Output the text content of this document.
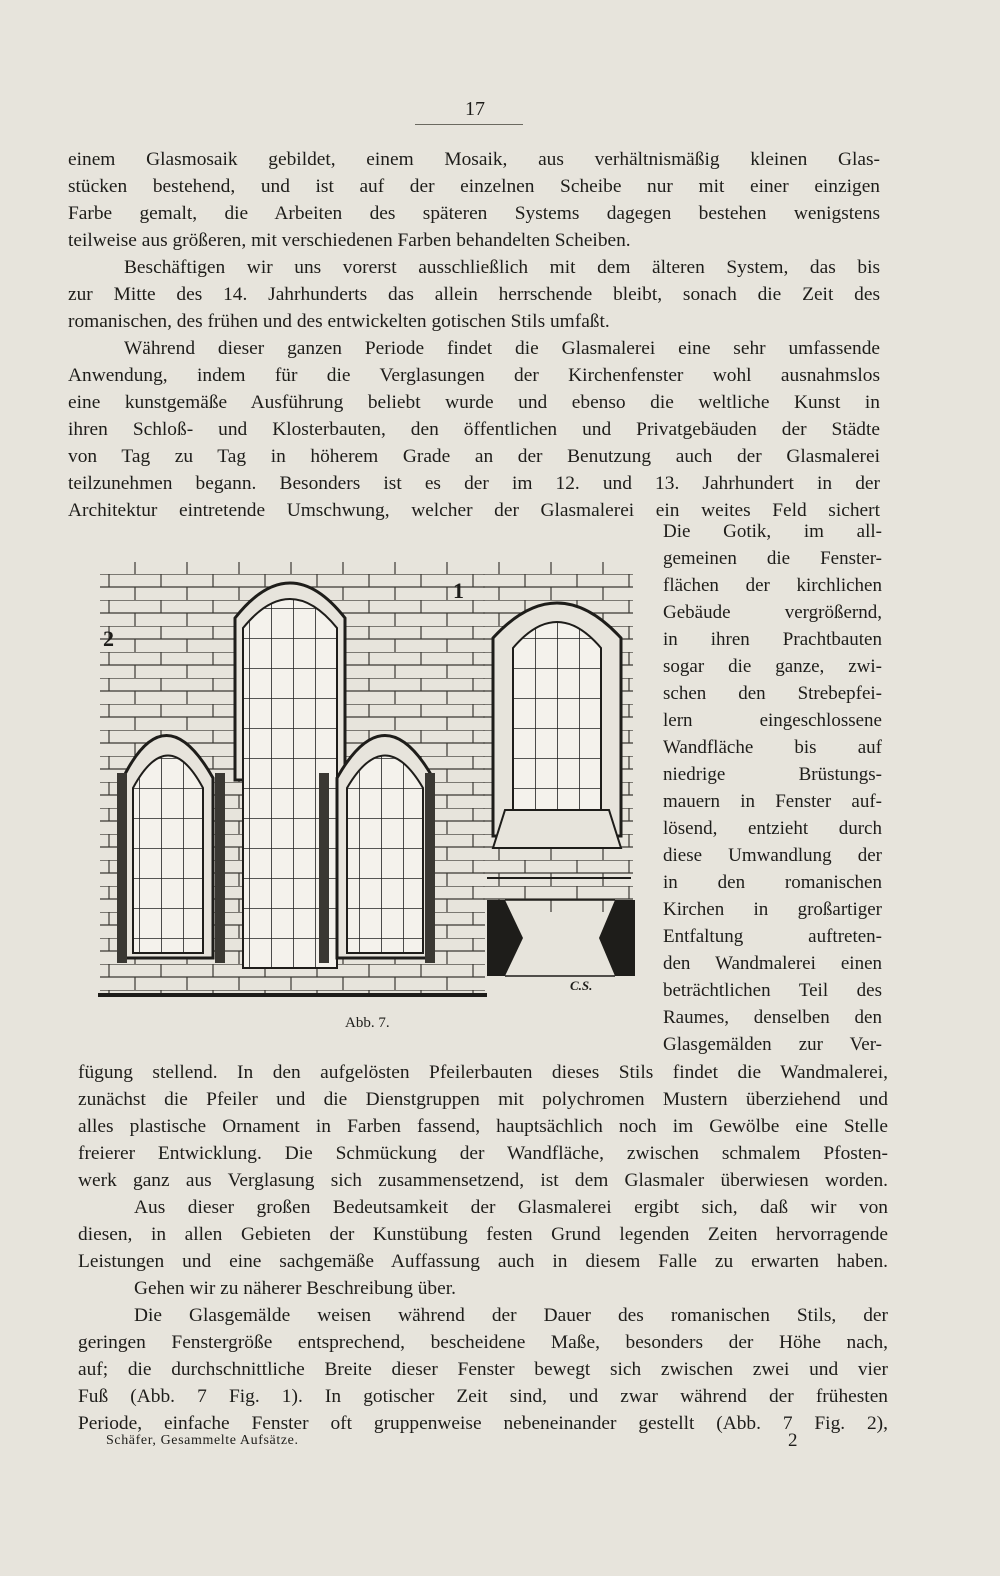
17
einem Glasmosaik gebildet, einem Mosaik, aus verhältnismäßig kleinen Glas-
stücken bestehend, und ist auf der einzelnen Scheibe nur mit einer einzigen
Farbe gemalt, die Arbeiten des späteren Systems dagegen bestehen wenigstens
teilweise aus größeren, mit verschiedenen Farben behandelten Scheiben.
Beschäftigen wir uns vorerst ausschließlich mit dem älteren System, das bis
zur Mitte des 14. Jahrhunderts das allein herrschende bleibt, sonach die Zeit des
romanischen, des frühen und des entwickelten gotischen Stils umfaßt.
Während dieser ganzen Periode findet die Glasmalerei eine sehr umfassende
Anwendung, indem für die Verglasungen der Kirchenfenster wohl ausnahmslos
eine kunstgemäße Ausführung beliebt wurde und ebenso die weltliche Kunst in
ihren Schloß- und Klosterbauten, den öffentlichen und Privatgebäuden der Städte
von Tag zu Tag in höherem Grade an der Benutzung auch der Glasmalerei
teilzunehmen begann. Besonders ist es der im 12. und 13. Jahrhundert in der
Architektur eintretende Umschwung, welcher der Glasmalerei ein weites Feld sichert
2
1
C.S.
Die Gotik, im all-
gemeinen die Fenster-
flächen der kirchlichen
Gebäude vergrößernd,
in ihren Prachtbauten
sogar die ganze, zwi-
schen den Strebepfei-
lern eingeschlossene
Wandfläche bis auf
niedrige Brüstungs-
mauern in Fenster auf-
lösend, entzieht durch
diese Umwandlung der
in den romanischen
Kirchen in großartiger
Entfaltung auftreten-
den Wandmalerei einen
beträchtlichen Teil des
Raumes, denselben den
Glasgemälden zur Ver-
Abb. 7.
fügung stellend. In den aufgelösten Pfeilerbauten dieses Stils findet die Wandmalerei,
zunächst die Pfeiler und die Dienstgruppen mit polychromen Mustern überziehend und
alles plastische Ornament in Farben fassend, hauptsächlich noch im Gewölbe eine Stelle
freierer Entwicklung. Die Schmückung der Wandfläche, zwischen schmalem Pfosten-
werk ganz aus Verglasung sich zusammensetzend, ist dem Glasmaler überwiesen worden.
Aus dieser großen Bedeutsamkeit der Glasmalerei ergibt sich, daß wir von
diesen, in allen Gebieten der Kunstübung festen Grund legenden Zeiten hervorragende
Leistungen und eine sachgemäße Auffassung auch in diesem Falle zu erwarten haben.
Gehen wir zu näherer Beschreibung über.
Die Glasgemälde weisen während der Dauer des romanischen Stils, der
geringen Fenstergröße entsprechend, bescheidene Maße, besonders der Höhe nach,
auf; die durchschnittliche Breite dieser Fenster bewegt sich zwischen zwei und vier
Fuß (Abb. 7 Fig. 1). In gotischer Zeit sind, und zwar während der frühesten
Periode, einfache Fenster oft gruppenweise nebeneinander gestellt (Abb. 7 Fig. 2),
Schäfer, Gesammelte Aufsätze.	2
